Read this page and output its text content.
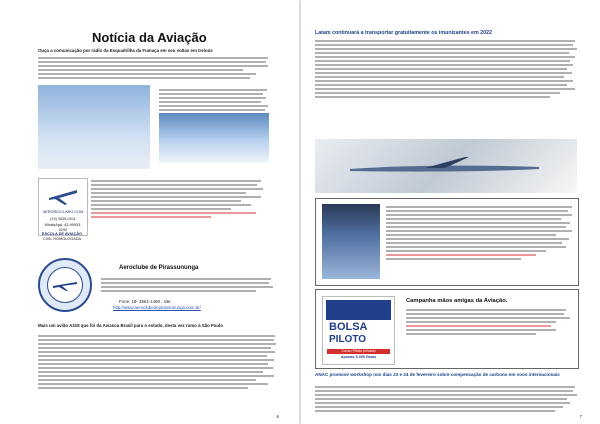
Notícia da Aviação
Ouça a comunicação por rádio da Esquadrilha da Fumaça em seu voltas em treinos
AERORIOCLARO.COM
(19) 3526-0011
WhatsApp: 43-99953-0290
ESCOLA DE AVIAÇÃO
CIVIL HOMOLOGADA
Aeroclube de Pirassununga
Fone: 19- 3561-1480 , site:
http://www.aeroclubedepirassununga.com.br/
Mais um avião A318 que foi da Avianca Brasil para o estado, desta vez rumo à São Paulo
6
Latam continuará a transportar gratuitamente os imunizantes em 2022
BOLSA
PILOTO
Curso Piloto privado
Apenas 5.000 Reais
Campanha mãos amigas da Aviação.
ANAC promove workshop nos dias 23 e 24 de fevereiro sobre compensação de carbono em voos internacionais
7
